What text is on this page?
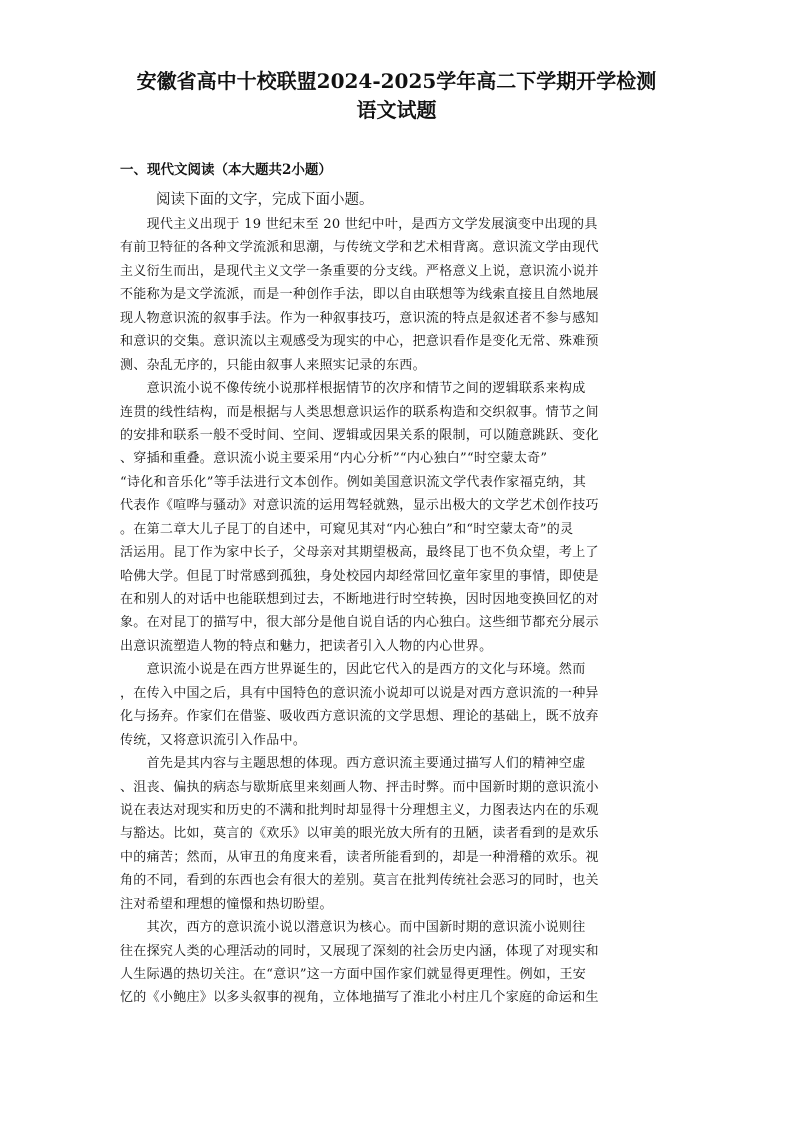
安徽省高中十校联盟2024-2025学年高二下学期开学检测
语文试题
一、现代文阅读（本大题共2小题）
阅读下面的文字，完成下面小题。
　　现代主义出现于 19 世纪末至 20 世纪中叶，是西方文学发展演变中出现的具
有前卫特征的各种文学流派和思潮，与传统文学和艺术相背离。意识流文学由现代
主义衍生而出，是现代主义文学一条重要的分支线。严格意义上说，意识流小说并
不能称为是文学流派，而是一种创作手法，即以自由联想等为线索直接且自然地展
现人物意识流的叙事手法。作为一种叙事技巧，意识流的特点是叙述者不参与感知
和意识的交集。意识流以主观感受为现实的中心，把意识看作是变化无常、殊难预
测、杂乱无序的，只能由叙事人来照实记录的东西。
　　意识流小说不像传统小说那样根据情节的次序和情节之间的逻辑联系来构成
连贯的线性结构，而是根据与人类思想意识运作的联系构造和交织叙事。情节之间
的安排和联系一般不受时间、空间、逻辑或因果关系的限制，可以随意跳跃、变化
、穿插和重叠。意识流小说主要采用“内心分析”“内心独白”“时空蒙太奇”
“诗化和音乐化”等手法进行文本创作。例如美国意识流文学代表作家福克纳，其
代表作《喧哗与骚动》对意识流的运用驾轻就熟，显示出极大的文学艺术创作技巧
。在第二章大儿子昆丁的自述中，可窥见其对“内心独白”和“时空蒙太奇”的灵
活运用。昆丁作为家中长子，父母亲对其期望极高，最终昆丁也不负众望，考上了
哈佛大学。但昆丁时常感到孤独，身处校园内却经常回忆童年家里的事情，即使是
在和别人的对话中也能联想到过去，不断地进行时空转换，因时因地变换回忆的对
象。在对昆丁的描写中，很大部分是他自说自话的内心独白。这些细节都充分展示
出意识流塑造人物的特点和魅力，把读者引入人物的内心世界。
　　意识流小说是在西方世界诞生的，因此它代入的是西方的文化与环境。然而
，在传入中国之后，具有中国特色的意识流小说却可以说是对西方意识流的一种异
化与扬弃。作家们在借鉴、吸收西方意识流的文学思想、理论的基础上，既不放弃
传统，又将意识流引入作品中。
　　首先是其内容与主题思想的体现。西方意识流主要通过描写人们的精神空虚
、沮丧、偏执的病态与歇斯底里来刻画人物、抨击时弊。而中国新时期的意识流小
说在表达对现实和历史的不满和批判时却显得十分理想主义，力图表达内在的乐观
与豁达。比如，莫言的《欢乐》以审美的眼光放大所有的丑陋，读者看到的是欢乐
中的痛苦；然而，从审丑的角度来看，读者所能看到的，却是一种滑稽的欢乐。视
角的不同，看到的东西也会有很大的差别。莫言在批判传统社会恶习的同时，也关
注对希望和理想的憧憬和热切盼望。
　　其次，西方的意识流小说以潜意识为核心。而中国新时期的意识流小说则往
往在探究人类的心理活动的同时，又展现了深刻的社会历史内涵，体现了对现实和
人生际遇的热切关注。在“意识”这一方面中国作家们就显得更理性。例如，王安
忆的《小鲍庄》以多头叙事的视角，立体地描写了淮北小村庄几个家庭的命运和生
